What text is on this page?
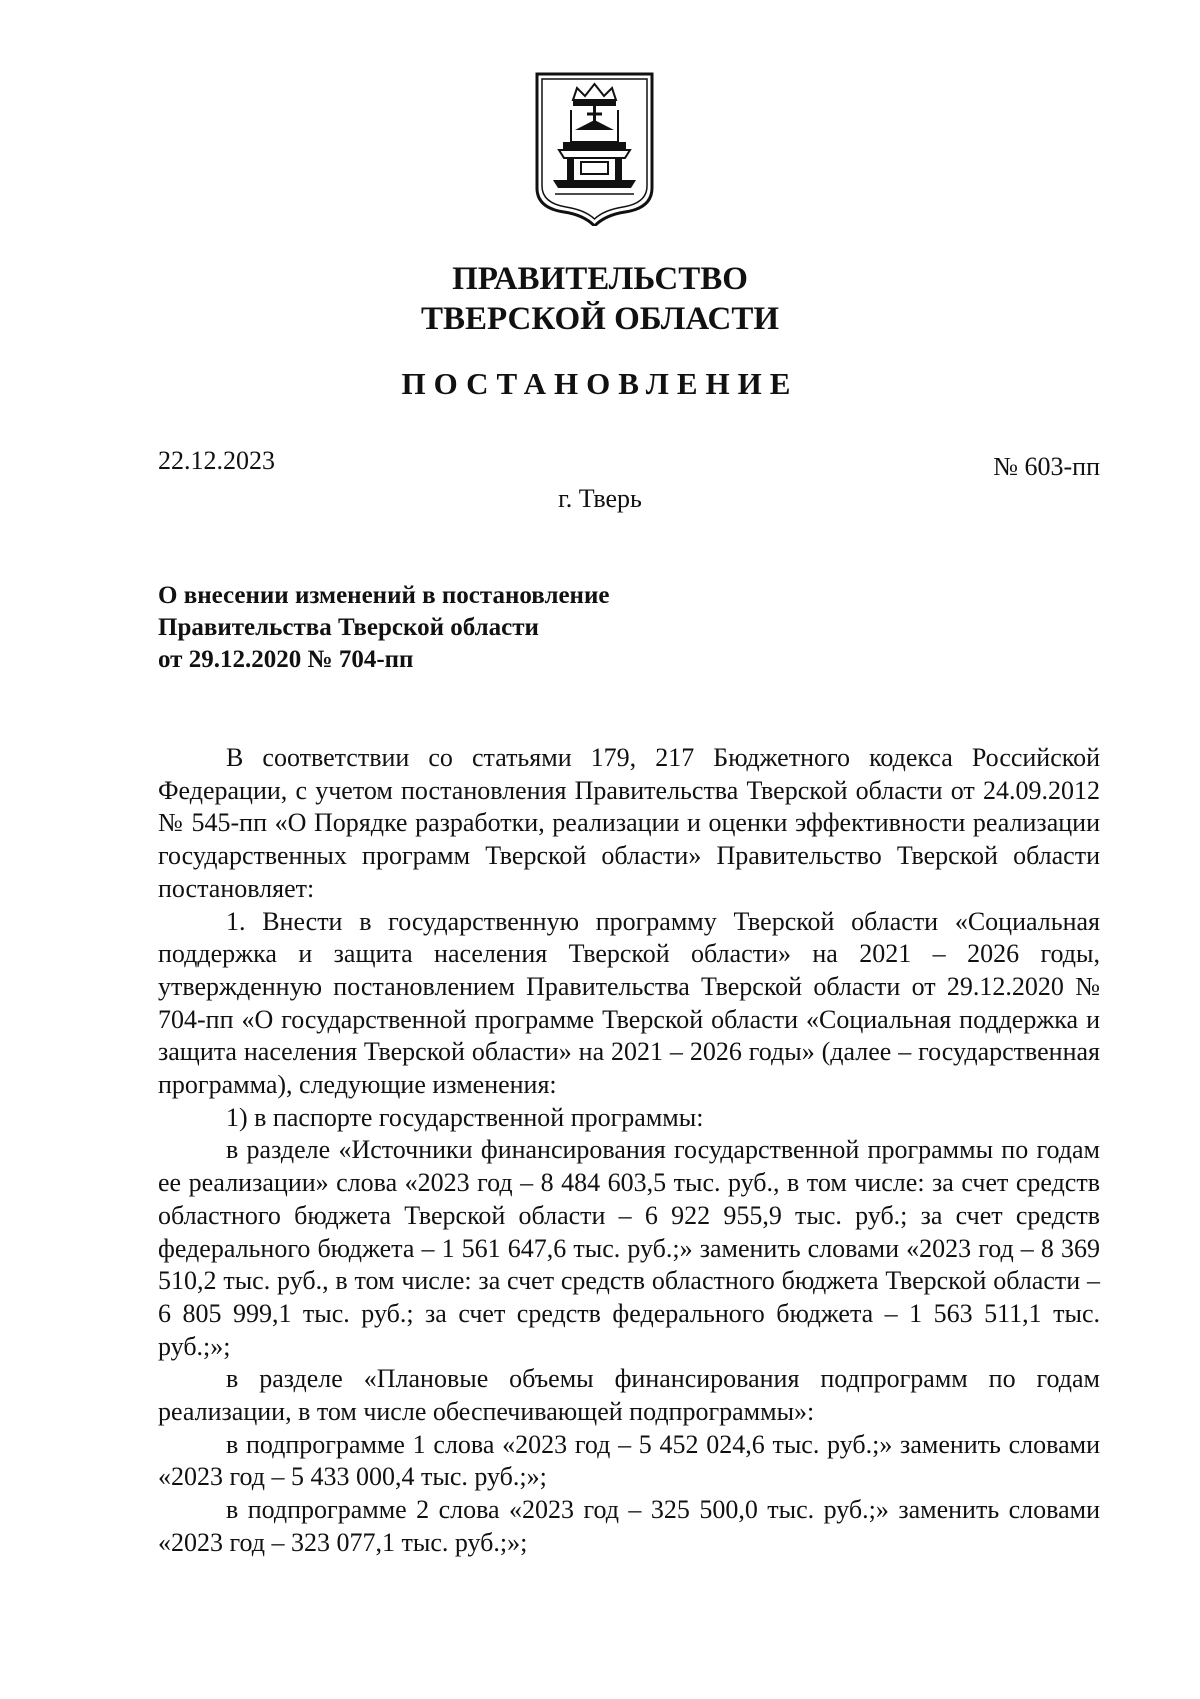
ПРАВИТЕЛЬСТВО
ТВЕРСКОЙ ОБЛАСТИ
ПОСТАНОВЛЕНИЕ
22.12.2023	№ 603-пп
г. Тверь
О внесении изменений в постановление
Правительства Тверской области
от 29.12.2020 № 704-пп

В соответствии со статьями 179, 217 Бюджетного кодекса Российской Федерации, с учетом постановления Правительства Тверской области от 24.09.2012 № 545-пп «О Порядке разработки, реализации и оценки эффективности реализации государственных программ Тверской области» Правительство Тверской области постановляет:

1. Внести в государственную программу Тверской области «Социальная поддержка и защита населения Тверской области» на 2021 – 2026 годы, утвержденную постановлением Правительства Тверской области от 29.12.2020 № 704-пп «О государственной программе Тверской области «Социальная поддержка и защита населения Тверской области» на 2021 – 2026 годы» (далее – государственная программа), следующие изменения:

1) в паспорте государственной программы:

в разделе «Источники финансирования государственной программы по годам ее реализации» слова «2023 год – 8 484 603,5 тыс. руб., в том числе: за счет средств областного бюджета Тверской области – 6 922 955,9 тыс. руб.; за счет средств федерального бюджета – 1 561 647,6 тыс. руб.;» заменить словами «2023 год – 8 369 510,2 тыс. руб., в том числе: за счет средств областного бюджета Тверской области – 6 805 999,1 тыс. руб.; за счет средств федерального бюджета – 1 563 511,1 тыс. руб.;»;

в разделе «Плановые объемы финансирования подпрограмм по годам реализации, в том числе обеспечивающей подпрограммы»:

в подпрограмме 1 слова «2023 год – 5 452 024,6 тыс. руб.;» заменить словами «2023 год – 5 433 000,4 тыс. руб.;»;

в подпрограмме 2 слова «2023 год – 325 500,0 тыс. руб.;» заменить словами «2023 год – 323 077,1 тыс. руб.;»;
